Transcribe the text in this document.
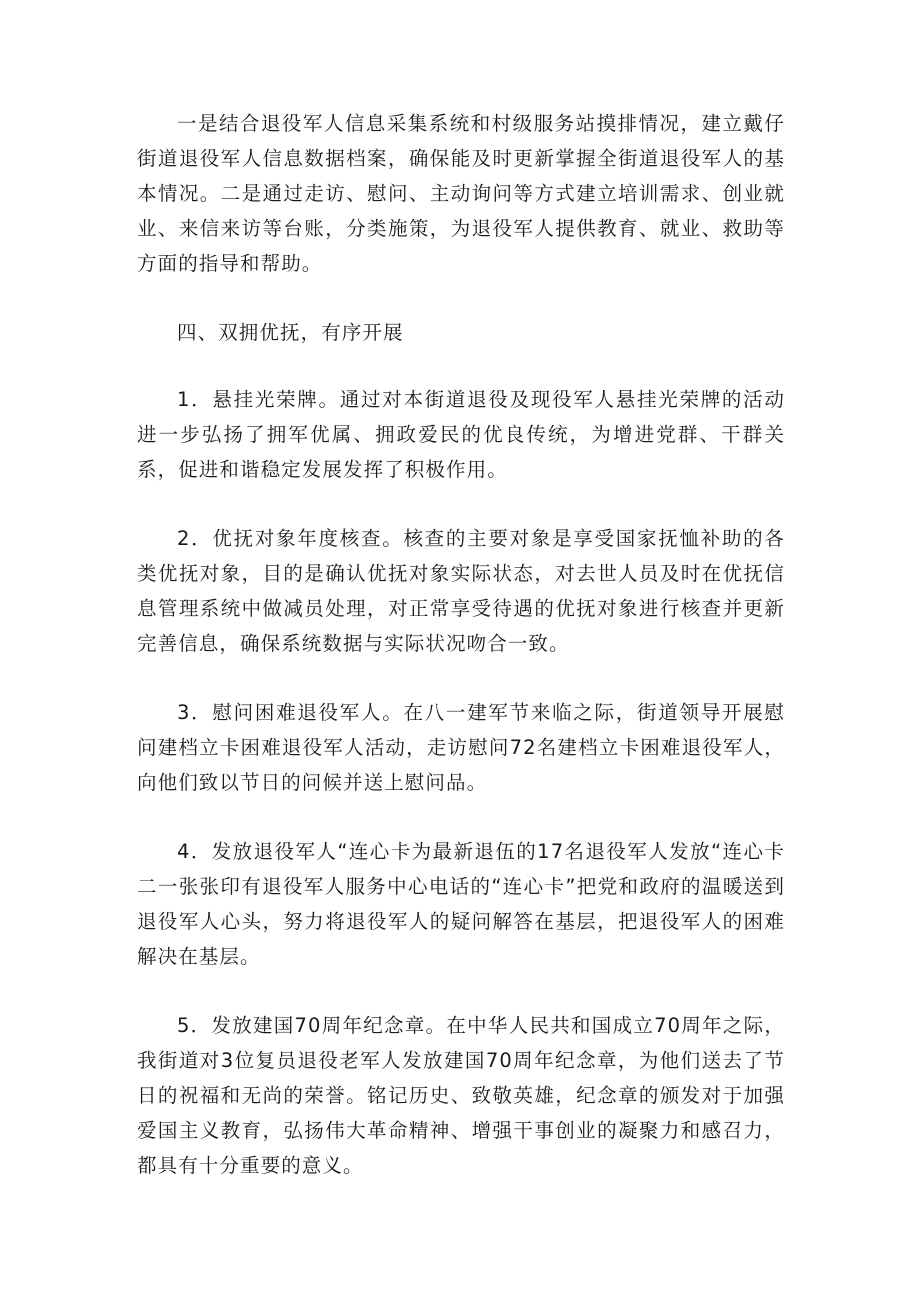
一是结合退役军人信息采集系统和村级服务站摸排情况，建立戴仔街道退役军人信息数据档案，确保能及时更新掌握全街道退役军人的基本情况。二是通过走访、慰问、主动询问等方式建立培训需求、创业就业、来信来访等台账，分类施策，为退役军人提供教育、就业、救助等方面的指导和帮助。

四、双拥优抚，有序开展

1．悬挂光荣牌。通过对本街道退役及现役军人悬挂光荣牌的活动进一步弘扬了拥军优属、拥政爱民的优良传统，为增进党群、干群关系，促进和谐稳定发展发挥了积极作用。

2．优抚对象年度核查。核查的主要对象是享受国家抚恤补助的各类优抚对象，目的是确认优抚对象实际状态，对去世人员及时在优抚信息管理系统中做减员处理，对正常享受待遇的优抚对象进行核查并更新完善信息，确保系统数据与实际状况吻合一致。

3．慰问困难退役军人。在八一建军节来临之际，街道领导开展慰问建档立卡困难退役军人活动，走访慰问72名建档立卡困难退役军人，向他们致以节日的问候并送上慰问品。

4．发放退役军人“连心卡为最新退伍的17名退役军人发放“连心卡二一张张印有退役军人服务中心电话的“连心卡”把党和政府的温暖送到退役军人心头，努力将退役军人的疑问解答在基层，把退役军人的困难解决在基层。

5．发放建国70周年纪念章。在中华人民共和国成立70周年之际，我街道对3位复员退役老军人发放建国70周年纪念章，为他们送去了节日的祝福和无尚的荣誉。铭记历史、致敬英雄，纪念章的颁发对于加强爱国主义教育，弘扬伟大革命精神、增强干事创业的凝聚力和感召力，都具有十分重要的意义。
